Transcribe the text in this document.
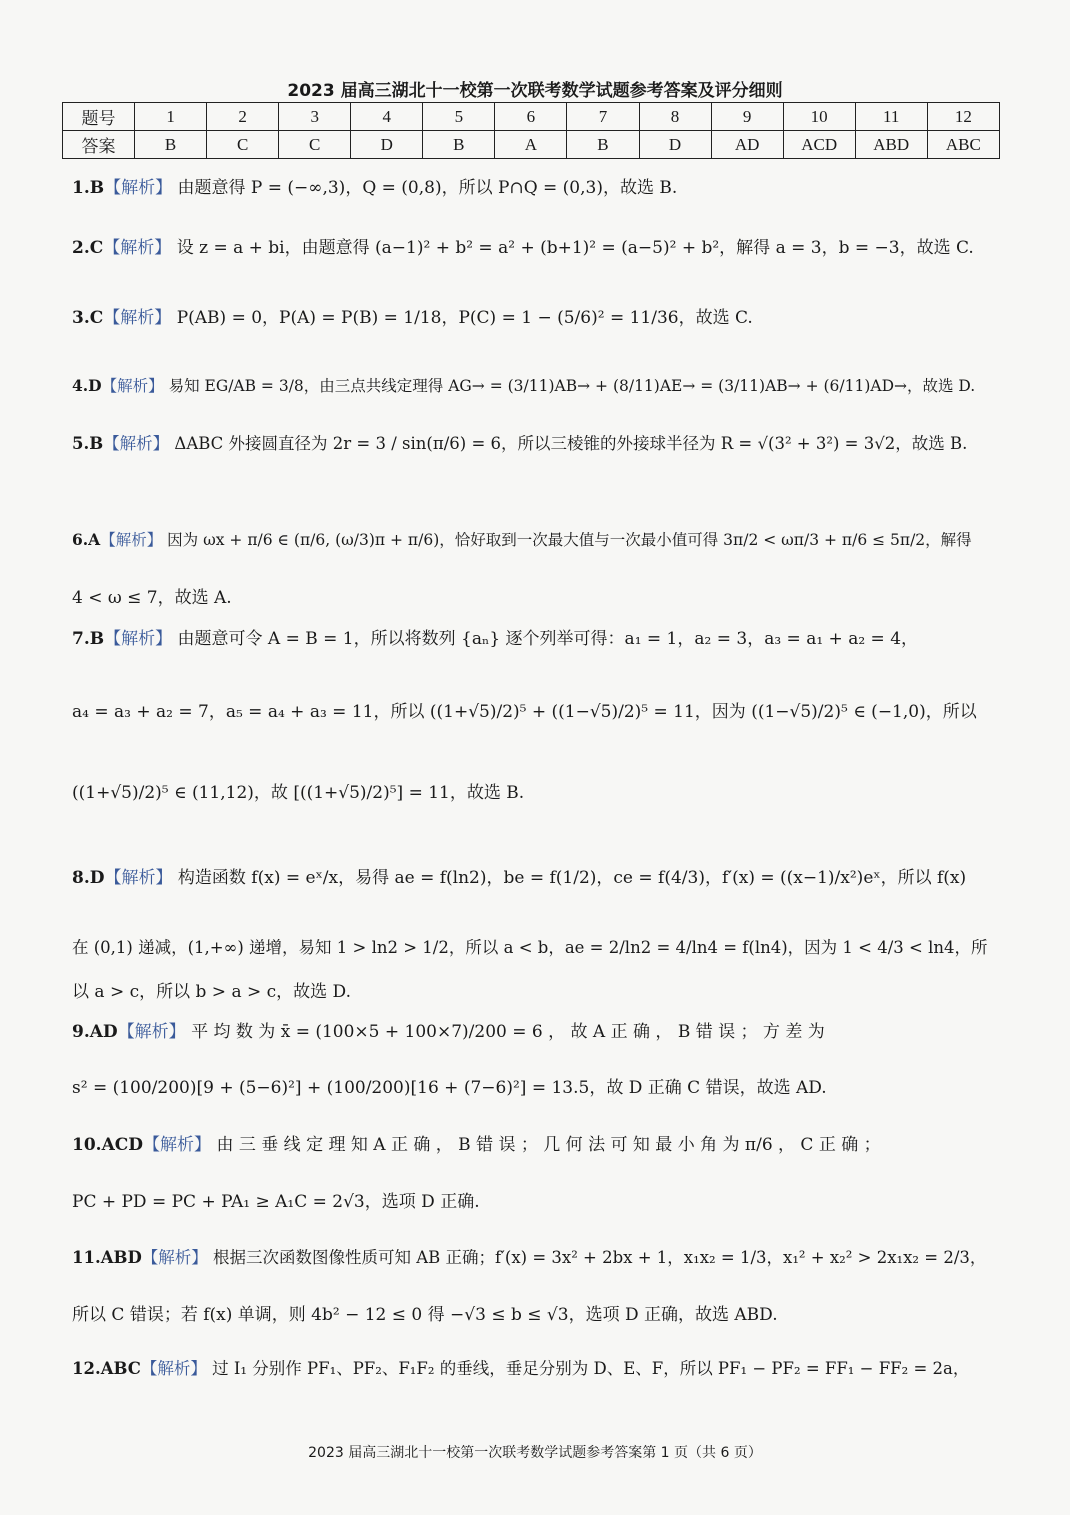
2023 届高三湖北十一校第一次联考数学试题参考答案及评分细则
题号	1	2	3	4	5	6	7	8	9	10	11	12
答案	B	C	C	D	B	A	B	D	AD	ACD	ABD	ABC
1.B【解析】 由题意得 P = (−∞,3)，Q = (0,8)，所以 P∩Q = (0,3)，故选 B.
2.C【解析】 设 z = a + bi，由题意得 (a−1)² + b² = a² + (b+1)² = (a−5)² + b²，解得 a = 3，b = −3，故选 C.
3.C【解析】 P(AB) = 0，P(A) = P(B) = 1/18，P(C) = 1 − (5/6)² = 11/36，故选 C.
4.D【解析】 易知 EG/AB = 3/8，由三点共线定理得 AG→ = (3/11)AB→ + (8/11)AE→ = (3/11)AB→ + (6/11)AD→，故选 D.
5.B【解析】 ΔABC 外接圆直径为 2r = 3 / sin(π/6) = 6，所以三棱锥的外接球半径为 R = √(3² + 3²) = 3√2，故选 B.
6.A【解析】 因为 ωx + π/6 ∈ (π/6, (ω/3)π + π/6)，恰好取到一次最大值与一次最小值可得 3π/2 < ωπ/3 + π/6 ≤ 5π/2，解得
4 < ω ≤ 7，故选 A.
7.B【解析】 由题意可令 A = B = 1，所以将数列 {aₙ} 逐个列举可得：a₁ = 1，a₂ = 3，a₃ = a₁ + a₂ = 4，
a₄ = a₃ + a₂ = 7，a₅ = a₄ + a₃ = 11，所以 ((1+√5)/2)⁵ + ((1−√5)/2)⁵ = 11，因为 ((1−√5)/2)⁵ ∈ (−1,0)，所以
((1+√5)/2)⁵ ∈ (11,12)，故 [((1+√5)/2)⁵] = 11，故选 B.
8.D【解析】 构造函数 f(x) = eˣ/x，易得 ae = f(ln2)，be = f(1/2)，ce = f(4/3)，f′(x) = ((x−1)/x²)eˣ，所以 f(x)
在 (0,1) 递减，(1,+∞) 递增，易知 1 > ln2 > 1/2，所以 a < b，ae = 2/ln2 = 4/ln4 = f(ln4)，因为 1 < 4/3 < ln4，所
以 a > c，所以 b > a > c，故选 D.
9.AD【解析】 平 均 数 为 x̄ = (100×5 + 100×7)/200 = 6 ， 故 A 正 确 ， B 错 误 ； 方 差 为
s² = (100/200)[9 + (5−6)²] + (100/200)[16 + (7−6)²] = 13.5，故 D 正确 C 错误，故选 AD.
10.ACD【解析】 由 三 垂 线 定 理 知 A 正 确 ， B 错 误 ； 几 何 法 可 知 最 小 角 为 π/6 ， C 正 确 ；
PC + PD = PC + PA₁ ≥ A₁C = 2√3，选项 D 正确.
11.ABD【解析】 根据三次函数图像性质可知 AB 正确；f′(x) = 3x² + 2bx + 1，x₁x₂ = 1/3，x₁² + x₂² > 2x₁x₂ = 2/3，
所以 C 错误；若 f(x) 单调，则 4b² − 12 ≤ 0 得 −√3 ≤ b ≤ √3，选项 D 正确，故选 ABD.
12.ABC【解析】 过 I₁ 分别作 PF₁、PF₂、F₁F₂ 的垂线，垂足分别为 D、E、F，所以 PF₁ − PF₂ = FF₁ − FF₂ = 2a，
2023 届高三湖北十一校第一次联考数学试题参考答案第 1 页（共 6 页）
